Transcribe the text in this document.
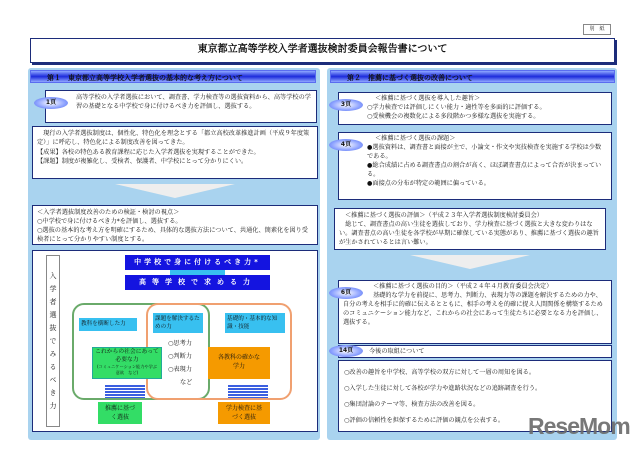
別　紙
東京都立高等学校入学者選抜検討委員会報告書について
第１　東京都立高等学校入学者選抜の基本的な考え方について
高等学校の入学者選抜において、調査書、学力検査等の選抜資料から、高等学校の学習の基礎となる中学校で身に付けるべき力を評価し、選抜する。
1頁
現行の入学者選抜制度は、個性化、特色化を理念とする「都立高校改革推進計画（平成９年度策定）」に呼応し、特色化による制度改善を図ってきた。
【成果】各校の特色ある教育課程に応じた入学者選抜を実現することができた。
【課題】制度が複雑化し、受検者、保護者、中学校にとって分かりにくい。
＜入学者選抜制度改善のための検証・検討の視点＞
○中学校で身に付けるべき力*を評価し、選抜する。
○選抜の基本的な考え方を明確にするため、具体的な選抜方法について、共通化、簡素化を図り受検者にとって分かりやすい制度とする。
入学者選抜でみるべき力
中学校で身に付けるべき力*
高等学校で求める力
教科を横断した力
課題を解決するための力
基礎的・基本的な知識・技能
○思考力
○判断力
○表現力
など
これからの社会にあって必要な力
(コミュニケーション能力や学ぶ意欲　など)
各教科の確かな学力
推薦に基づく選抜
学力検査に基づく選抜
第２　推薦に基づく選抜の改善について
＜推薦に基づく選抜を導入した趣旨＞
○学力検査では評価しにくい能力・適性等を多面的に評価する。
○受検機会の複数化による多段階かつ多様な選抜を実施する。
3頁
＜推薦に基づく選抜の課題＞
●選抜資料は、調査書と面接が主で、小論文・作文や実技検査を実施する学校は少数である。
●総合成績に占める調査書点の割合が高く、ほぼ調査書点によって合否が決まっている。
●面接点の分布が特定の範囲に偏っている。
4頁
＜推薦に基づく選抜の評価＞（平成２３年入学者選抜制度検討委員会）
総じて、調査書点の高い生徒を選抜しており、学力検査に基づく選抜と大きな変わりはない。調査書点の高い生徒を各学校が早期に確保している実態があり、推薦に基づく選抜の趣旨が生かされているとは言い難い。
＜推薦に基づく選抜の目的＞（平成２４年４月教育委員会決定）
基礎的な学力を前提に、思考力、判断力、表現力等の課題を解決するための力や、自分の考えを相手に的確に伝えるとともに、相手の考えを的確に捉え人間関係を構築するためのコミュニケーション能力など、これからの社会にあって生徒たちに必要となる力を評価し、選抜する。
6頁
今後の取組について
14頁
○改善の趣旨を中学校、高等学校の双方に対して一層の周知を図る。
○入学した生徒に対して各校が学力や進路状況などの追跡調査を行う。
○集団討論のテーマ等、検査方法の改善を図る。
○評価の信頼性を担保するために評価の観点を公表する。	ReseMom
